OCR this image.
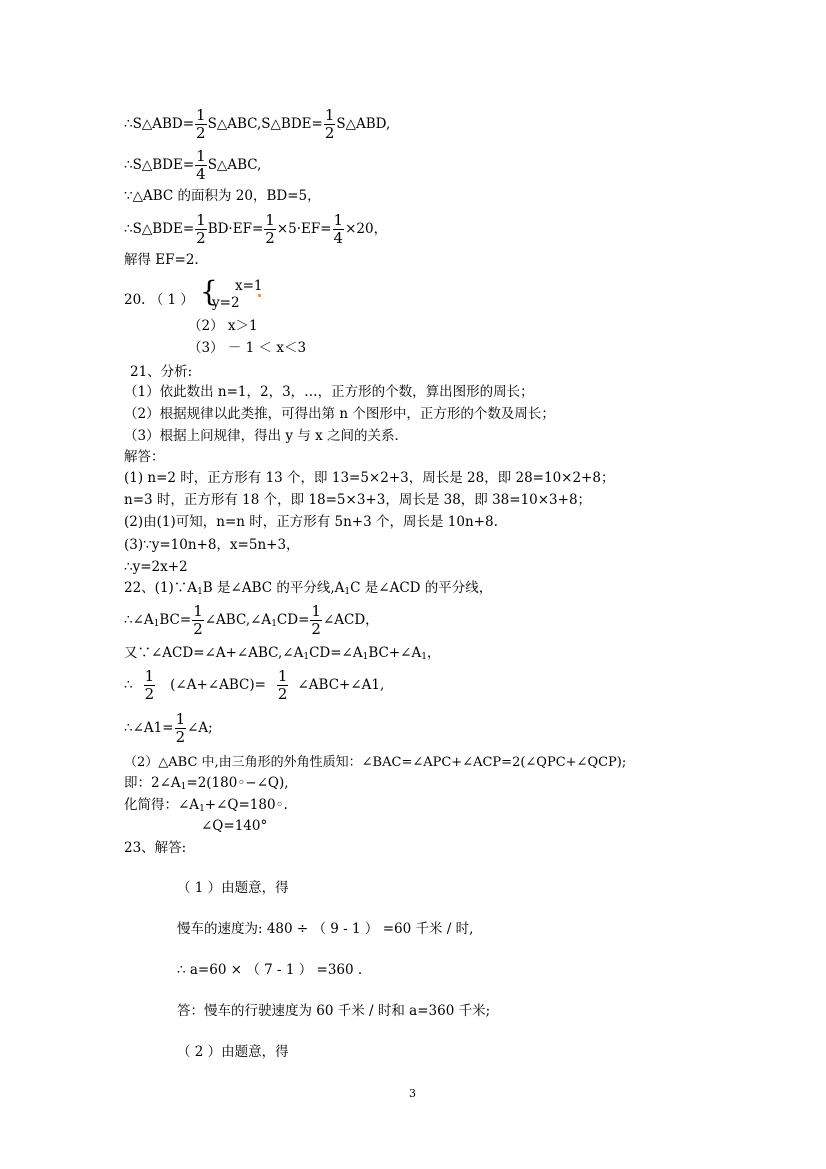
∴S△ABD= $\frac{1}{2}$ S△ABC,S△BDE= $\frac{1}{2}$ S△ABD,
∴S△BDE= $\frac{1}{4}$ S△ABC,
∵△ABC 的面积为 20，BD=5，
∴S△BDE= $\frac{1}{2} BD\cdot EF= \frac{1}{2} \times 5\cdot EF= \frac{1}{4} \times 20$，
解得 EF=2.
20. （ 1 ） { x=1
y=2
（2） x＞1
（3） － 1 ＜ x＜3
21、分析:
（1）依此数出 n=1，2，3，…，正方形的个数，算出图形的周长；
（2）根据规律以此类推，可得出第 n 个图形中，正方形的个数及周长；
（3）根据上问规律，得出 y 与 x 之间的关系．
解答：
(1) n=2 时，正方形有 13 个，即 13=5×2+3，周长是 28，即 28=10×2+8；
n=3 时，正方形有 18 个，即 18=5×3+3，周长是 38，即 38=10×3+8；
(2)由(1)可知，n=n 时，正方形有 5n+3 个，周长是 10n+8.
(3)∵y=10n+8，x=5n+3，
∴y=2x+2
22、$(1)\because A_1B$ 是∠ABC 的平分线$,A_1C$ 是∠ACD 的平分线，
$\therefore\angle A_1BC= \frac{1}{2}$ $\angle ABC,\angle A_1CD= \frac{1}{2}$ ∠ACD，
又$\because\angle ACD=\angle A+\angle ABC,\angle A_1CD=\angle A_1BC+\angle A_1$，
∴ $\frac{1}{2}$ (∠A+∠ABC)= $\frac{1}{2}$ ∠ABC+∠A1,
∴∠A1= $\frac{1}{2}$ ∠A;
（2）△ABC 中,由三角形的外角性质知：∠BAC=∠APC+∠ACP=2(∠QPC+∠QCP);
即：$2\angle A_1=2(180◦-\angle Q)$,
化简得：$\angle A_1+\angle Q=180◦$.
∠Q=140°
23、解答:
（ 1 ）由题意，得
慢车的速度为: 480 ÷ （ 9 - 1 ） =60 千米 / 时,
∴ a=60 × （ 7 - 1 ） =360 .
答：慢车的行驶速度为 60 千米 / 时和 a=360 千米;
（ 2 ）由题意，得
3
